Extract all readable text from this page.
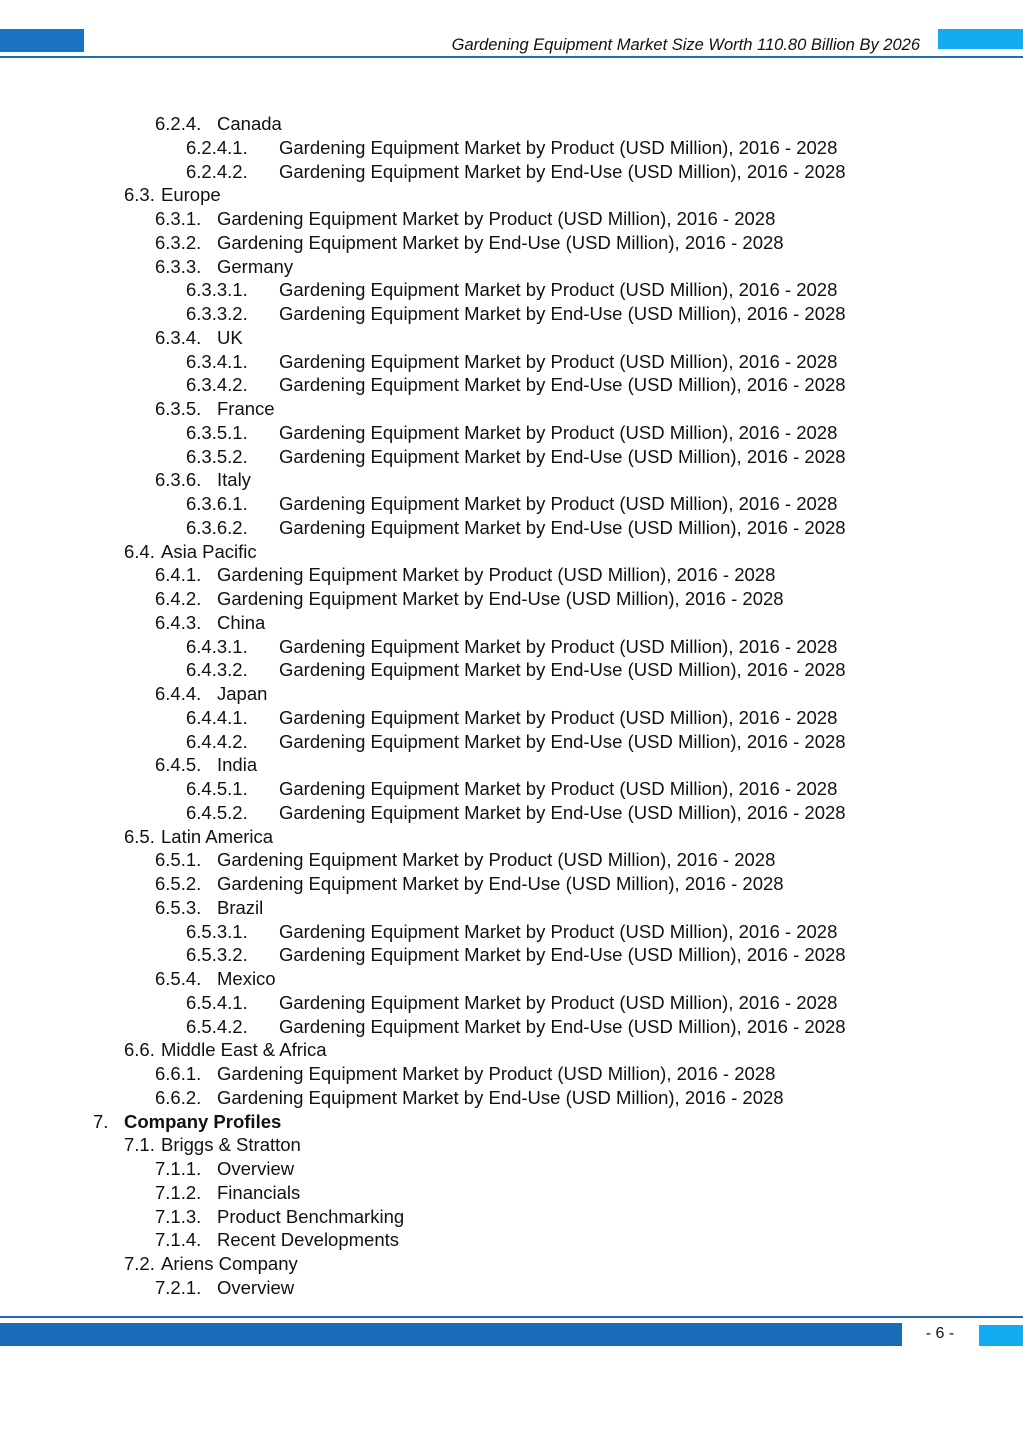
Gardening Equipment Market Size Worth 110.80 Billion By 2026
6.2.4. Canada
6.2.4.1. Gardening Equipment Market by Product (USD Million), 2016 - 2028
6.2.4.2. Gardening Equipment Market by End-Use (USD Million), 2016 - 2028
6.3. Europe
6.3.1. Gardening Equipment Market by Product (USD Million), 2016 - 2028
6.3.2. Gardening Equipment Market by End-Use (USD Million), 2016 - 2028
6.3.3. Germany
6.3.3.1. Gardening Equipment Market by Product (USD Million), 2016 - 2028
6.3.3.2. Gardening Equipment Market by End-Use (USD Million), 2016 - 2028
6.3.4. UK
6.3.4.1. Gardening Equipment Market by Product (USD Million), 2016 - 2028
6.3.4.2. Gardening Equipment Market by End-Use (USD Million), 2016 - 2028
6.3.5. France
6.3.5.1. Gardening Equipment Market by Product (USD Million), 2016 - 2028
6.3.5.2. Gardening Equipment Market by End-Use (USD Million), 2016 - 2028
6.3.6. Italy
6.3.6.1. Gardening Equipment Market by Product (USD Million), 2016 - 2028
6.3.6.2. Gardening Equipment Market by End-Use (USD Million), 2016 - 2028
6.4. Asia Pacific
6.4.1. Gardening Equipment Market by Product (USD Million), 2016 - 2028
6.4.2. Gardening Equipment Market by End-Use (USD Million), 2016 - 2028
6.4.3. China
6.4.3.1. Gardening Equipment Market by Product (USD Million), 2016 - 2028
6.4.3.2. Gardening Equipment Market by End-Use (USD Million), 2016 - 2028
6.4.4. Japan
6.4.4.1. Gardening Equipment Market by Product (USD Million), 2016 - 2028
6.4.4.2. Gardening Equipment Market by End-Use (USD Million), 2016 - 2028
6.4.5. India
6.4.5.1. Gardening Equipment Market by Product (USD Million), 2016 - 2028
6.4.5.2. Gardening Equipment Market by End-Use (USD Million), 2016 - 2028
6.5. Latin America
6.5.1. Gardening Equipment Market by Product (USD Million), 2016 - 2028
6.5.2. Gardening Equipment Market by End-Use (USD Million), 2016 - 2028
6.5.3. Brazil
6.5.3.1. Gardening Equipment Market by Product (USD Million), 2016 - 2028
6.5.3.2. Gardening Equipment Market by End-Use (USD Million), 2016 - 2028
6.5.4. Mexico
6.5.4.1. Gardening Equipment Market by Product (USD Million), 2016 - 2028
6.5.4.2. Gardening Equipment Market by End-Use (USD Million), 2016 - 2028
6.6. Middle East & Africa
6.6.1. Gardening Equipment Market by Product (USD Million), 2016 - 2028
6.6.2. Gardening Equipment Market by End-Use (USD Million), 2016 - 2028
7. Company Profiles
7.1. Briggs & Stratton
7.1.1. Overview
7.1.2. Financials
7.1.3. Product Benchmarking
7.1.4. Recent Developments
7.2. Ariens Company
7.2.1. Overview
- 6 -
